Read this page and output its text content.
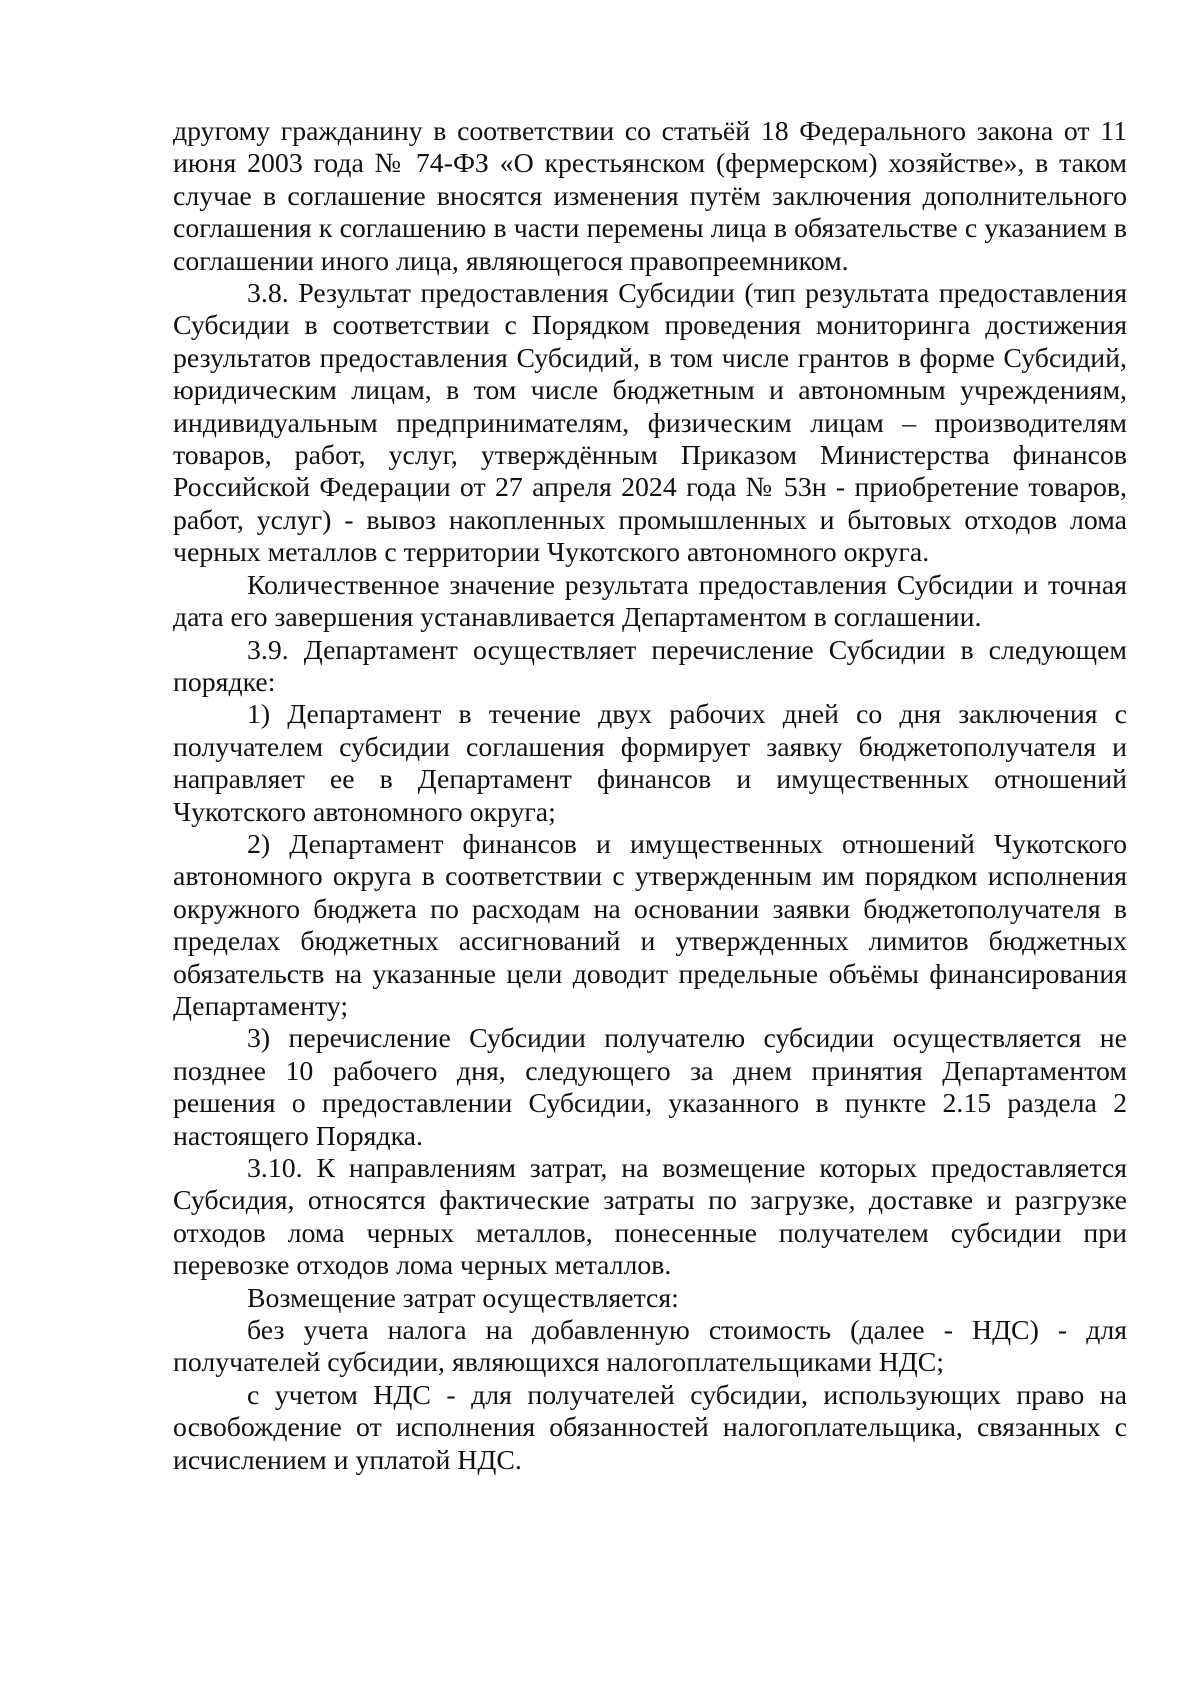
другому гражданину в соответствии со статьёй 18 Федерального закона от 11 июня 2003 года № 74-ФЗ «О крестьянском (фермерском) хозяйстве», в таком случае в соглашение вносятся изменения путём заключения дополнительного соглашения к соглашению в части перемены лица в обязательстве с указанием в соглашении иного лица, являющегося правопреемником.

3.8. Результат предоставления Субсидии (тип результата предоставления Субсидии в соответствии с Порядком проведения мониторинга достижения результатов предоставления Субсидий, в том числе грантов в форме Субсидий, юридическим лицам, в том числе бюджетным и автономным учреждениям, индивидуальным предпринимателям, физическим лицам – производителям товаров, работ, услуг, утверждённым Приказом Министерства финансов Российской Федерации от 27 апреля 2024 года № 53н - приобретение товаров, работ, услуг) - вывоз накопленных промышленных и бытовых отходов лома черных металлов с территории Чукотского автономного округа.

Количественное значение результата предоставления Субсидии и точная дата его завершения устанавливается Департаментом в соглашении.

3.9. Департамент осуществляет перечисление Субсидии в следующем порядке:

1) Департамент в течение двух рабочих дней со дня заключения с получателем субсидии соглашения формирует заявку бюджетополучателя и направляет ее в Департамент финансов и имущественных отношений Чукотского автономного округа;

2) Департамент финансов и имущественных отношений Чукотского автономного округа в соответствии с утвержденным им порядком исполнения окружного бюджета по расходам на основании заявки бюджетополучателя в пределах бюджетных ассигнований и утвержденных лимитов бюджетных обязательств на указанные цели доводит предельные объёмы финансирования Департаменту;

3) перечисление Субсидии получателю субсидии осуществляется не позднее 10 рабочего дня, следующего за днем принятия Департаментом решения о предоставлении Субсидии, указанного в пункте 2.15 раздела 2 настоящего Порядка.

3.10. К направлениям затрат, на возмещение которых предоставляется Субсидия, относятся фактические затраты по загрузке, доставке и разгрузке отходов лома черных металлов, понесенные получателем субсидии при перевозке отходов лома черных металлов.

Возмещение затрат осуществляется:

без учета налога на добавленную стоимость (далее - НДС) - для получателей субсидии, являющихся налогоплательщиками НДС;

с учетом НДС - для получателей субсидии, использующих право на освобождение от исполнения обязанностей налогоплательщика, связанных с исчислением и уплатой НДС.
